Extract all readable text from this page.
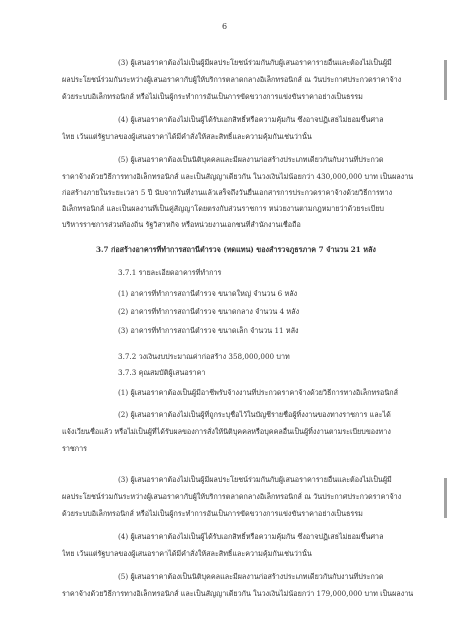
6
(3) ผู้เสนอราคาต้องไม่เป็นผู้มีผลประโยชน์ร่วมกันกับผู้เสนอราคารายอื่นและต้องไม่เป็นผู้มี
ผลประโยชน์ร่วมกันระหว่างผู้เสนอราคากับผู้ให้บริการตลาดกลางอิเล็กทรอนิกส์ ณ วันประกาศประกวดราคาจ้าง
ด้วยระบบอิเล็กทรอนิกส์ หรือไม่เป็นผู้กระทำการอันเป็นการขัดขวางการแข่งขันราคาอย่างเป็นธรรม
(4) ผู้เสนอราคาต้องไม่เป็นผู้ได้รับเอกสิทธิ์หรือความคุ้มกัน ซึ่งอาจปฏิเสธไม่ยอมขึ้นศาล
ไทย เว้นแต่รัฐบาลของผู้เสนอราคาได้มีคำสั่งให้สละสิทธิ์และความคุ้มกันเช่นว่านั้น
(5) ผู้เสนอราคาต้องเป็นนิติบุคคลและมีผลงานก่อสร้างประเภทเดียวกันกับงานที่ประกวด
ราคาจ้างด้วยวิธีการทางอิเล็กทรอนิกส์ และเป็นสัญญาเดียวกัน ในวงเงินไม่น้อยกว่า 430,000,000 บาท เป็นผลงาน
ก่อสร้างภายในระยะเวลา 5 ปี นับจากวันที่งานแล้วเสร็จถึงวันยื่นเอกสารการประกวดราคาจ้างด้วยวิธีการทาง
อิเล็กทรอนิกส์ และเป็นผลงานที่เป็นคู่สัญญาโดยตรงกับส่วนราชการ หน่วยงานตามกฎหมายว่าด้วยระเบียบ
บริหารราชการส่วนท้องถิ่น รัฐวิสาหกิจ หรือหน่วยงานเอกชนที่สำนักงานเชื่อถือ
3.7 ก่อสร้างอาคารที่ทำการสถานีตำรวจ (ทดแทน) ของสำรวจภูธรภาค 7 จำนวน 21 หลัง
3.7.1 รายละเอียดอาคารที่ทำการ
(1) อาคารที่ทำการสถานีตำรวจ ขนาดใหญ่ จำนวน 6 หลัง
(2) อาคารที่ทำการสถานีตำรวจ ขนาดกลาง จำนวน 4 หลัง
(3) อาคารที่ทำการสถานีตำรวจ ขนาดเล็ก จำนวน 11 หลัง
3.7.2 วงเงินงบประมาณค่าก่อสร้าง 358,000,000 บาท
3.7.3 คุณสมบัติผู้เสนอราคา
(1) ผู้เสนอราคาต้องเป็นผู้มีอาชีพรับจ้างงานที่ประกวดราคาจ้างด้วยวิธีการทางอิเล็กทรอนิกส์
(2) ผู้เสนอราคาต้องไม่เป็นผู้ที่ถูกระบุชื่อไว้ในบัญชีรายชื่อผู้ทิ้งงานของทางราชการ และได้
แจ้งเวียนชื่อแล้ว หรือไม่เป็นผู้ที่ได้รับผลของการสั่งให้นิติบุคคลหรือบุคคลอื่นเป็นผู้ทิ้งงานตามระเบียบของทาง
ราชการ
(3) ผู้เสนอราคาต้องไม่เป็นผู้มีผลประโยชน์ร่วมกันกับผู้เสนอราคารายอื่นและต้องไม่เป็นผู้มี
ผลประโยชน์ร่วมกันระหว่างผู้เสนอราคากับผู้ให้บริการตลาดกลางอิเล็กทรอนิกส์ ณ วันประกาศประกวดราคาจ้าง
ด้วยระบบอิเล็กทรอนิกส์ หรือไม่เป็นผู้กระทำการอันเป็นการขัดขวางการแข่งขันราคาอย่างเป็นธรรม
(4) ผู้เสนอราคาต้องไม่เป็นผู้ได้รับเอกสิทธิ์หรือความคุ้มกัน ซึ่งอาจปฏิเสธไม่ยอมขึ้นศาล
ไทย เว้นแต่รัฐบาลของผู้เสนอราคาได้มีคำสั่งให้สละสิทธิ์และความคุ้มกันเช่นว่านั้น
(5) ผู้เสนอราคาต้องเป็นนิติบุคคลและมีผลงานก่อสร้างประเภทเดียวกันกับงานที่ประกวด
ราคาจ้างด้วยวิธีการทางอิเล็กทรอนิกส์ และเป็นสัญญาเดียวกัน ในวงเงินไม่น้อยกว่า 179,000,000 บาท เป็นผลงาน
